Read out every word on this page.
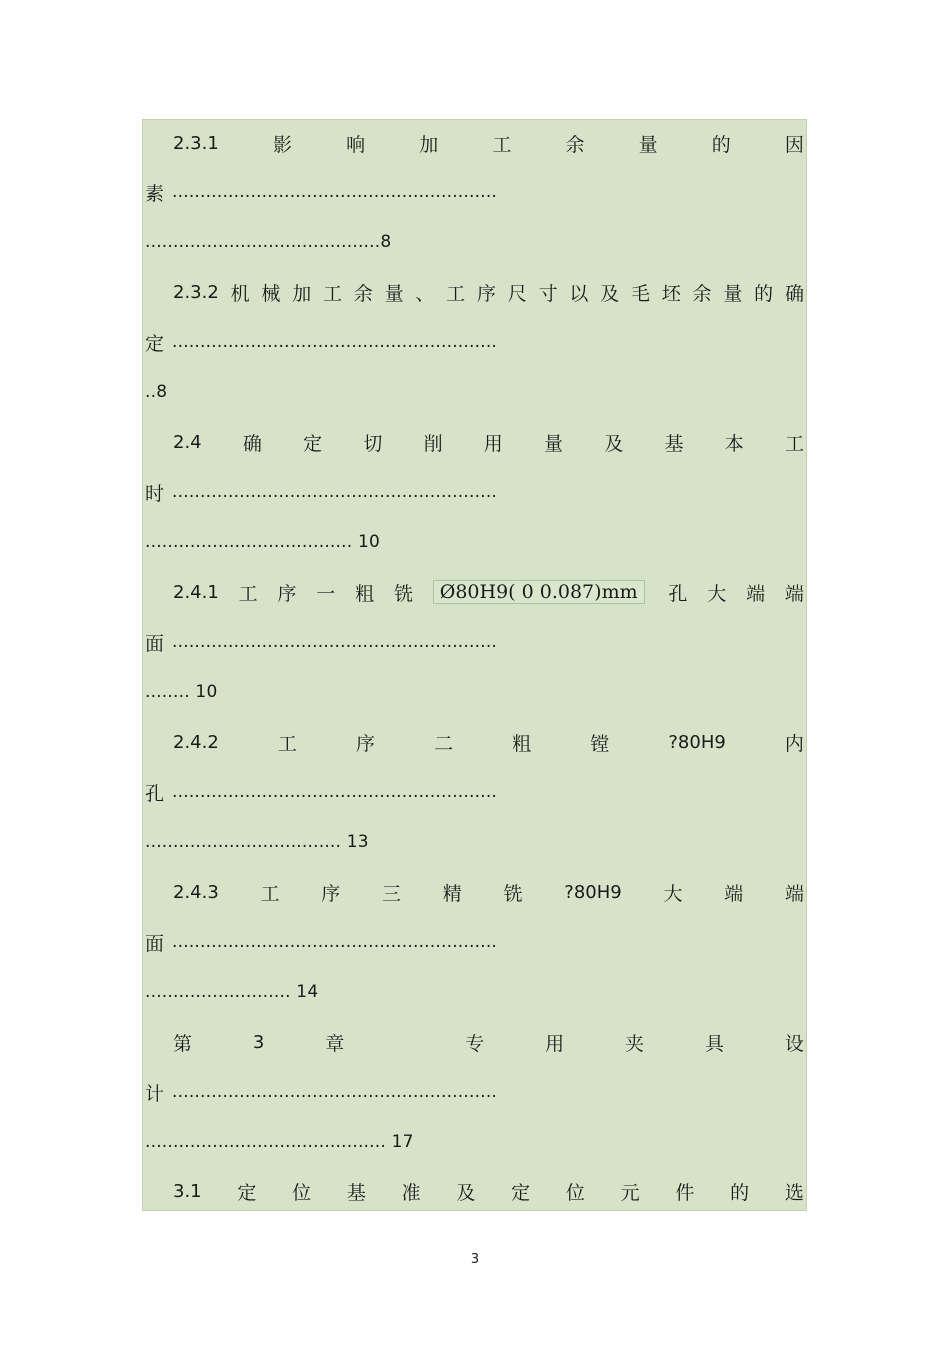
2.3.1	影	响	加	工	余	量	的	因
素 ..........................................................
..........................................8
2.3.2 机 械 加 工 余 量 、 工 序 尺 寸 以 及 毛 坯 余 量 的 确
定 ..........................................................
..8
2.4 确 定 切 削 用 量 及 基 本 工
时 ..........................................................
..................................... 10
2.4.1 工 序 一 粗 铣	Ø80H9( 0 0.087)mm	孔 大 端 端
面 ..........................................................
........ 10
2.4.2	工	序	二	粗	镗	?80H9	内
孔 ..........................................................
................................... 13
2.4.3 工 序 三 精 铣 ?80H9 大 端 端
面 ..........................................................
.......................... 14
第	3	章	专	用	夹	具	设
计 ..........................................................
........................................... 17
3.1 定 位 基 准 及 定 位 元 件 的 选
3
